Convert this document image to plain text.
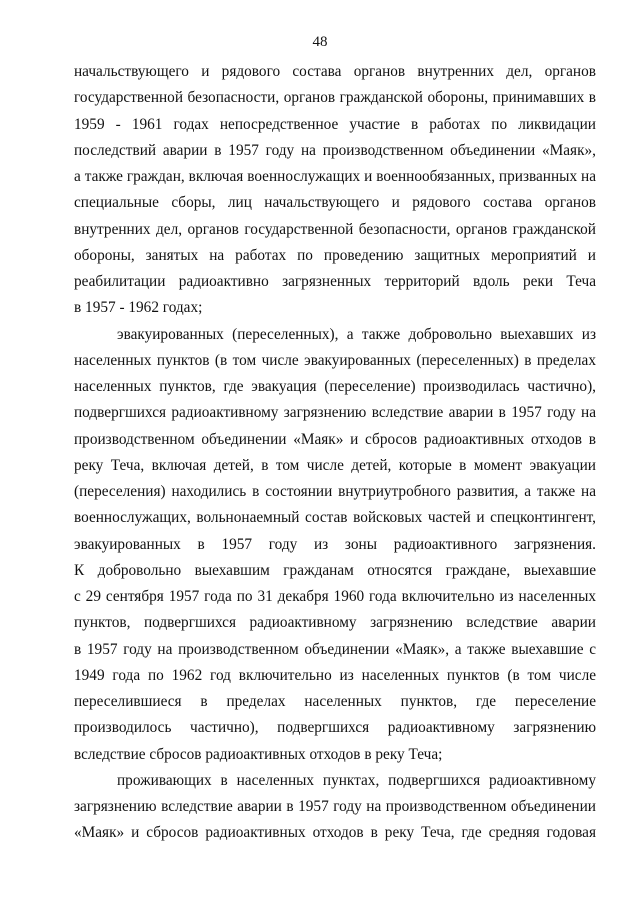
48
начальствующего и рядового состава органов внутренних дел, органов
государственной безопасности, органов гражданской обороны, принимавших в
1959 - 1961 годах непосредственное участие в работах по ликвидации
последствий аварии в 1957 году на производственном объединении «Маяк»,
а также граждан, включая военнослужащих и военнообязанных, призванных на
специальные сборы, лиц начальствующего и рядового состава органов
внутренних дел, органов государственной безопасности, органов гражданской
обороны, занятых на работах по проведению защитных мероприятий и
реабилитации радиоактивно загрязненных территорий вдоль реки Теча
в 1957 - 1962 годах;
эвакуированных (переселенных), а также добровольно выехавших из
населенных пунктов (в том числе эвакуированных (переселенных) в пределах
населенных пунктов, где эвакуация (переселение) производилась частично),
подвергшихся радиоактивному загрязнению вследствие аварии в 1957 году на
производственном объединении «Маяк» и сбросов радиоактивных отходов в
реку Теча, включая детей, в том числе детей, которые в момент эвакуации
(переселения) находились в состоянии внутриутробного развития, а также на
военнослужащих, вольнонаемный состав войсковых частей и спецконтингент,
эвакуированных в 1957 году из зоны радиоактивного загрязнения.
К добровольно выехавшим гражданам относятся граждане, выехавшие
с 29 сентября 1957 года по 31 декабря 1960 года включительно из населенных
пунктов, подвергшихся радиоактивному загрязнению вследствие аварии
в 1957 году на производственном объединении «Маяк», а также выехавшие с
1949 года по 1962 год включительно из населенных пунктов (в том числе
переселившиеся в пределах населенных пунктов, где переселение
производилось частично), подвергшихся радиоактивному загрязнению
вследствие сбросов радиоактивных отходов в реку Теча;
проживающих в населенных пунктах, подвергшихся радиоактивному
загрязнению вследствие аварии в 1957 году на производственном объединении
«Маяк» и сбросов радиоактивных отходов в реку Теча, где средняя годовая
